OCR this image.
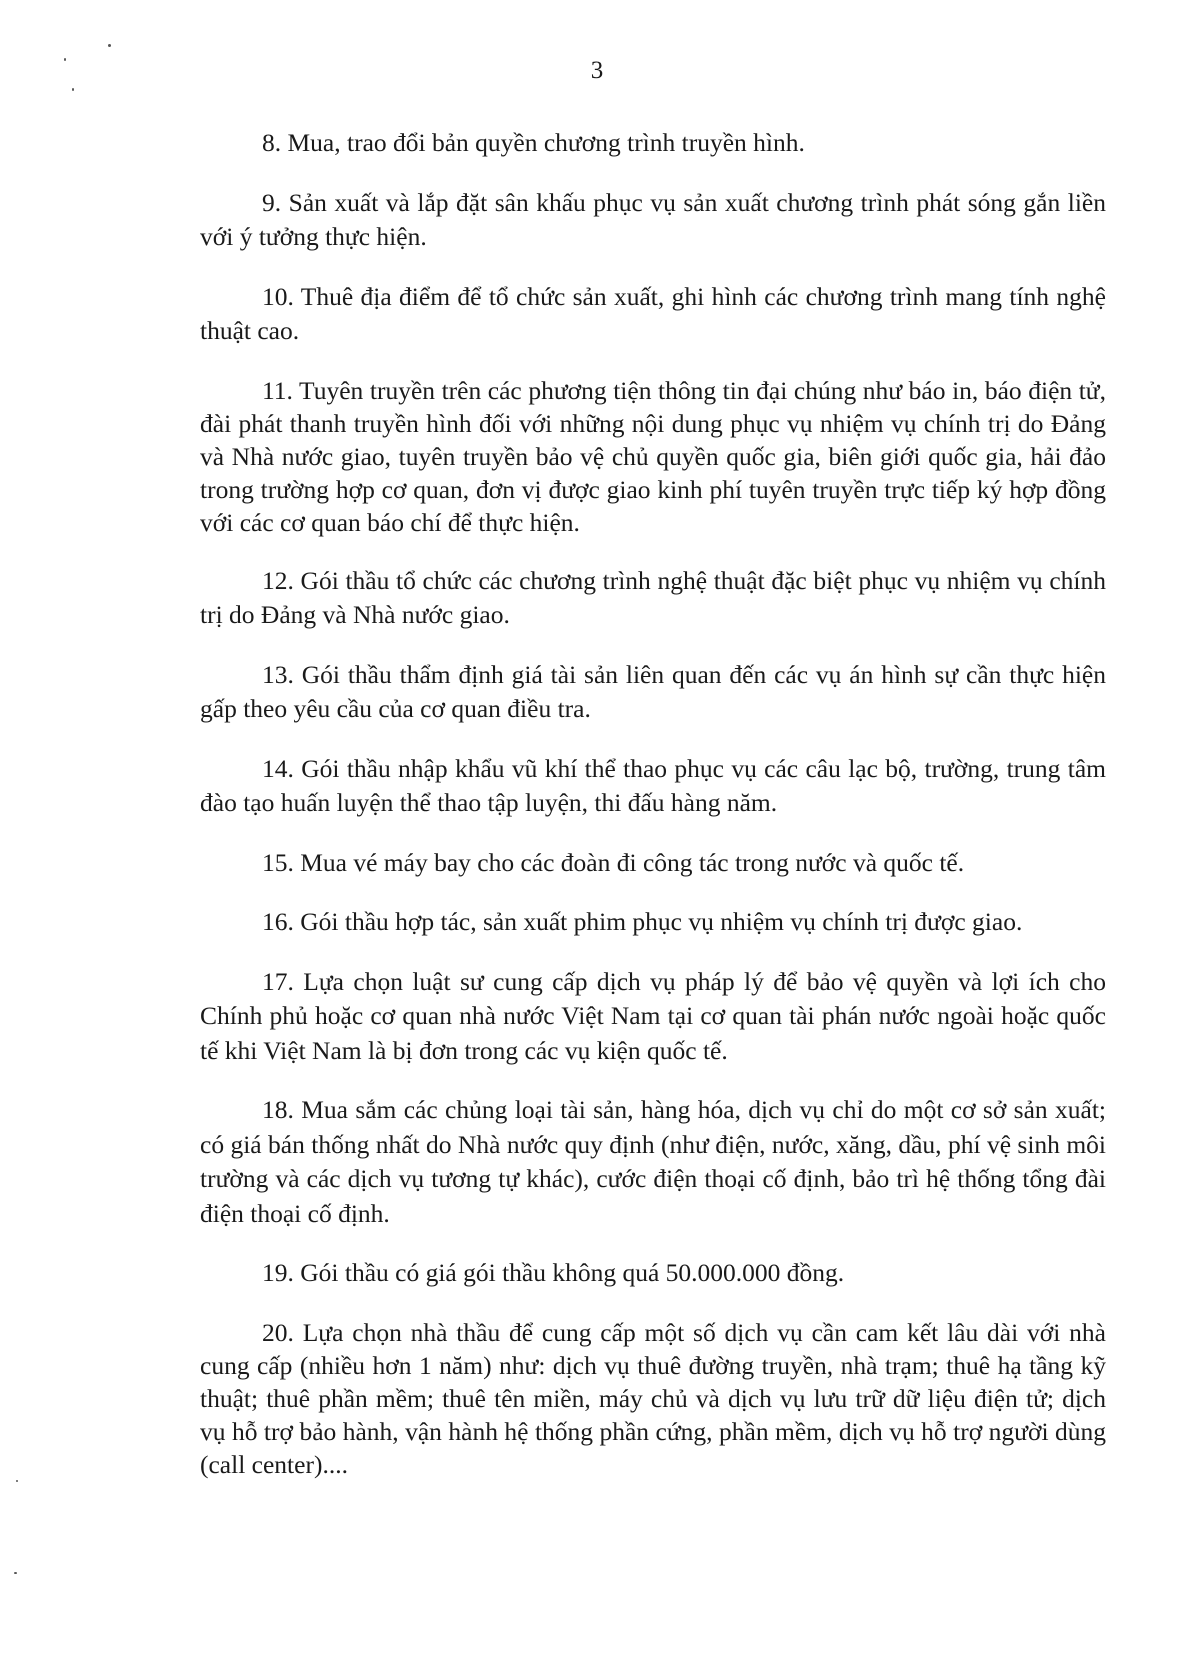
3

8. Mua, trao đổi bản quyền chương trình truyền hình.

9. Sản xuất và lắp đặt sân khấu phục vụ sản xuất chương trình phát sóng gắn liền với ý tưởng thực hiện.

10. Thuê địa điểm để tổ chức sản xuất, ghi hình các chương trình mang tính nghệ thuật cao.

11. Tuyên truyền trên các phương tiện thông tin đại chúng như báo in, báo điện tử, đài phát thanh truyền hình đối với những nội dung phục vụ nhiệm vụ chính trị do Đảng và Nhà nước giao, tuyên truyền bảo vệ chủ quyền quốc gia, biên giới quốc gia, hải đảo trong trường hợp cơ quan, đơn vị được giao kinh phí tuyên truyền trực tiếp ký hợp đồng với các cơ quan báo chí để thực hiện.

12. Gói thầu tổ chức các chương trình nghệ thuật đặc biệt phục vụ nhiệm vụ chính trị do Đảng và Nhà nước giao.

13. Gói thầu thẩm định giá tài sản liên quan đến các vụ án hình sự cần thực hiện gấp theo yêu cầu của cơ quan điều tra.

14. Gói thầu nhập khẩu vũ khí thể thao phục vụ các câu lạc bộ, trường, trung tâm đào tạo huấn luyện thể thao tập luyện, thi đấu hàng năm.

15. Mua vé máy bay cho các đoàn đi công tác trong nước và quốc tế.

16. Gói thầu hợp tác, sản xuất phim phục vụ nhiệm vụ chính trị được giao.

17. Lựa chọn luật sư cung cấp dịch vụ pháp lý để bảo vệ quyền và lợi ích cho Chính phủ hoặc cơ quan nhà nước Việt Nam tại cơ quan tài phán nước ngoài hoặc quốc tế khi Việt Nam là bị đơn trong các vụ kiện quốc tế.

18. Mua sắm các chủng loại tài sản, hàng hóa, dịch vụ chỉ do một cơ sở sản xuất; có giá bán thống nhất do Nhà nước quy định (như điện, nước, xăng, dầu, phí vệ sinh môi trường và các dịch vụ tương tự khác), cước điện thoại cố định, bảo trì hệ thống tổng đài điện thoại cố định.

19. Gói thầu có giá gói thầu không quá 50.000.000 đồng.

20. Lựa chọn nhà thầu để cung cấp một số dịch vụ cần cam kết lâu dài với nhà cung cấp (nhiều hơn 1 năm) như: dịch vụ thuê đường truyền, nhà trạm; thuê hạ tầng kỹ thuật; thuê phần mềm; thuê tên miền, máy chủ và dịch vụ lưu trữ dữ liệu điện tử; dịch vụ hỗ trợ bảo hành, vận hành hệ thống phần cứng, phần mềm, dịch vụ hỗ trợ người dùng (call center)....
